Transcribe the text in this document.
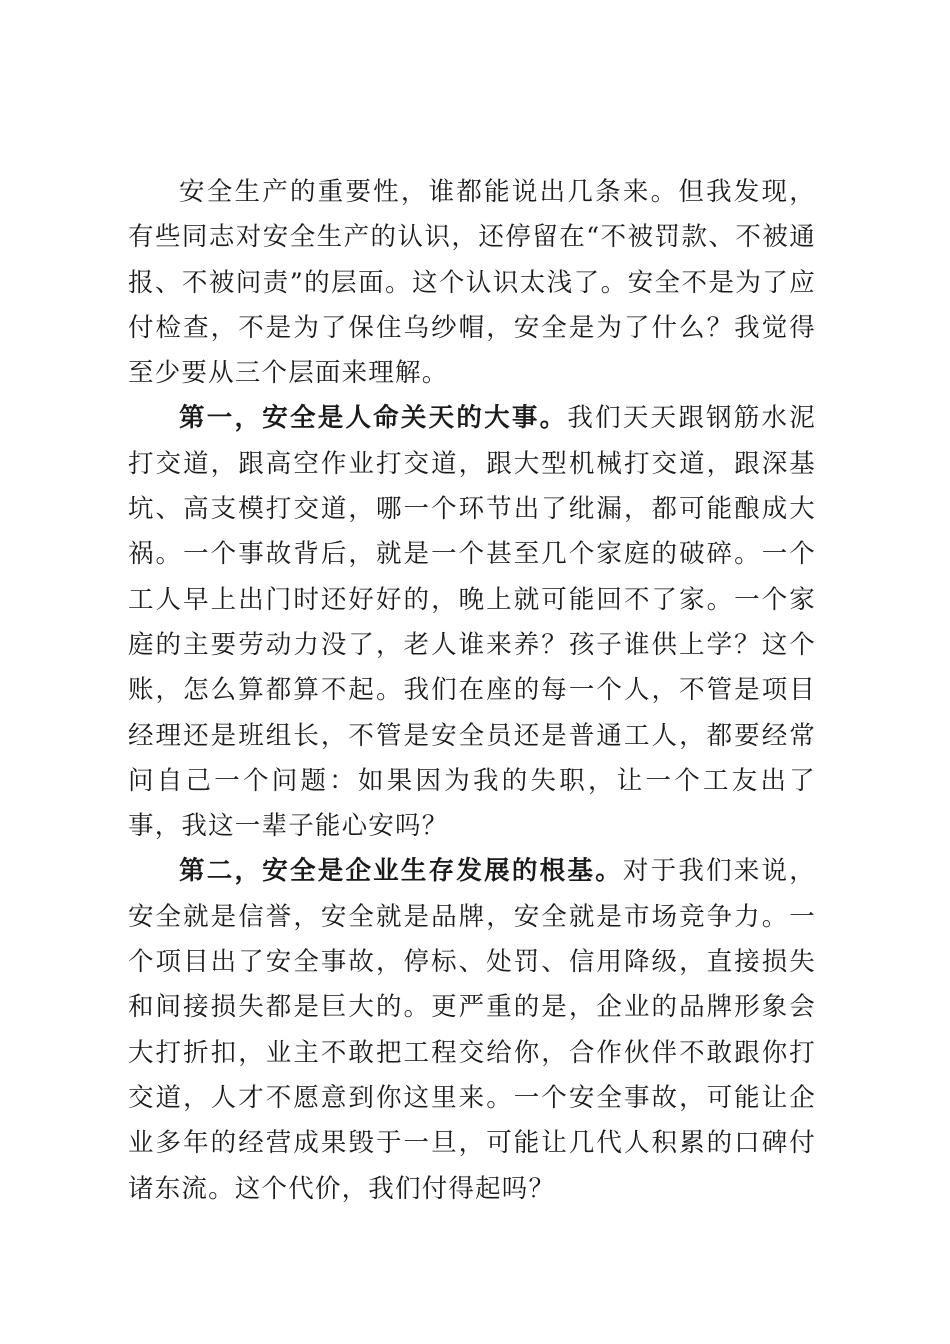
安全生产的重要性，谁都能说出几条来。但我发现，有些同志对安全生产的认识，还停留在“不被罚款、不被通报、不被问责”的层面。这个认识太浅了。安全不是为了应付检查，不是为了保住乌纱帽，安全是为了什么？我觉得至少要从三个层面来理解。

第一，安全是人命关天的大事。我们天天跟钢筋水泥打交道，跟高空作业打交道，跟大型机械打交道，跟深基坑、高支模打交道，哪一个环节出了纰漏，都可能酿成大祸。一个事故背后，就是一个甚至几个家庭的破碎。一个工人早上出门时还好好的，晚上就可能回不了家。一个家庭的主要劳动力没了，老人谁来养？孩子谁供上学？这个账，怎么算都算不起。我们在座的每一个人，不管是项目经理还是班组长，不管是安全员还是普通工人，都要经常问自己一个问题：如果因为我的失职，让一个工友出了事，我这一辈子能心安吗？

第二，安全是企业生存发展的根基。对于我们来说，安全就是信誉，安全就是品牌，安全就是市场竞争力。一个项目出了安全事故，停标、处罚、信用降级，直接损失和间接损失都是巨大的。更严重的是，企业的品牌形象会大打折扣，业主不敢把工程交给你，合作伙伴不敢跟你打交道，人才不愿意到你这里来。一个安全事故，可能让企业多年的经营成果毁于一旦，可能让几代人积累的口碑付诸东流。这个代价，我们付得起吗？
